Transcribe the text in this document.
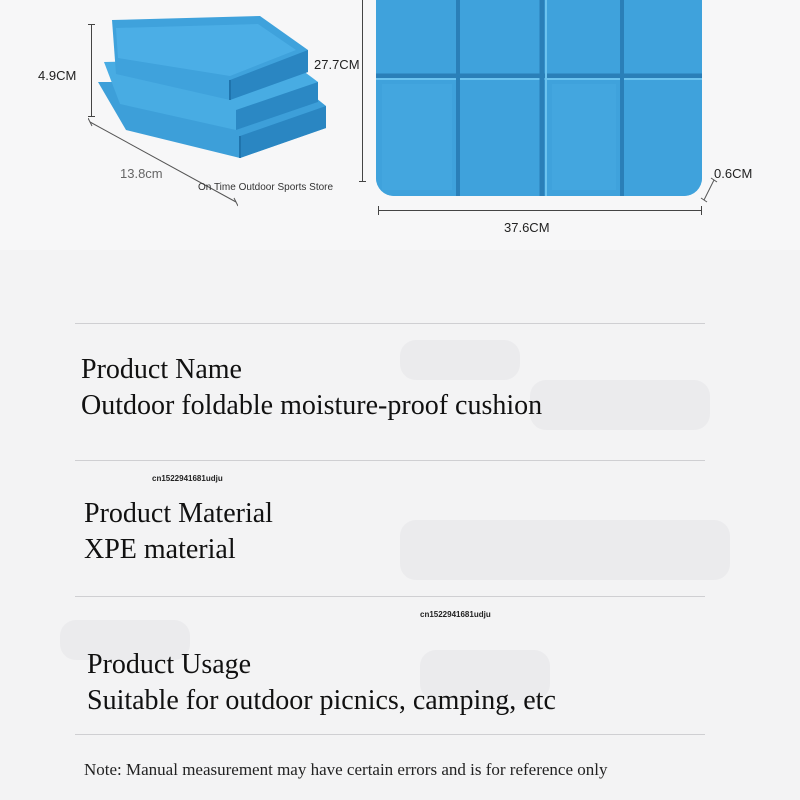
4.9CM
13.8cm
On Time Outdoor Sports Store
27.7CM
37.6CM
0.6CM
Product Name
Outdoor foldable moisture-proof cushion
cn1522941681udju
Product Material
XPE material
cn1522941681udju
Product Usage
Suitable for outdoor picnics, camping, etc
Note: Manual measurement may have certain errors and is for reference only
